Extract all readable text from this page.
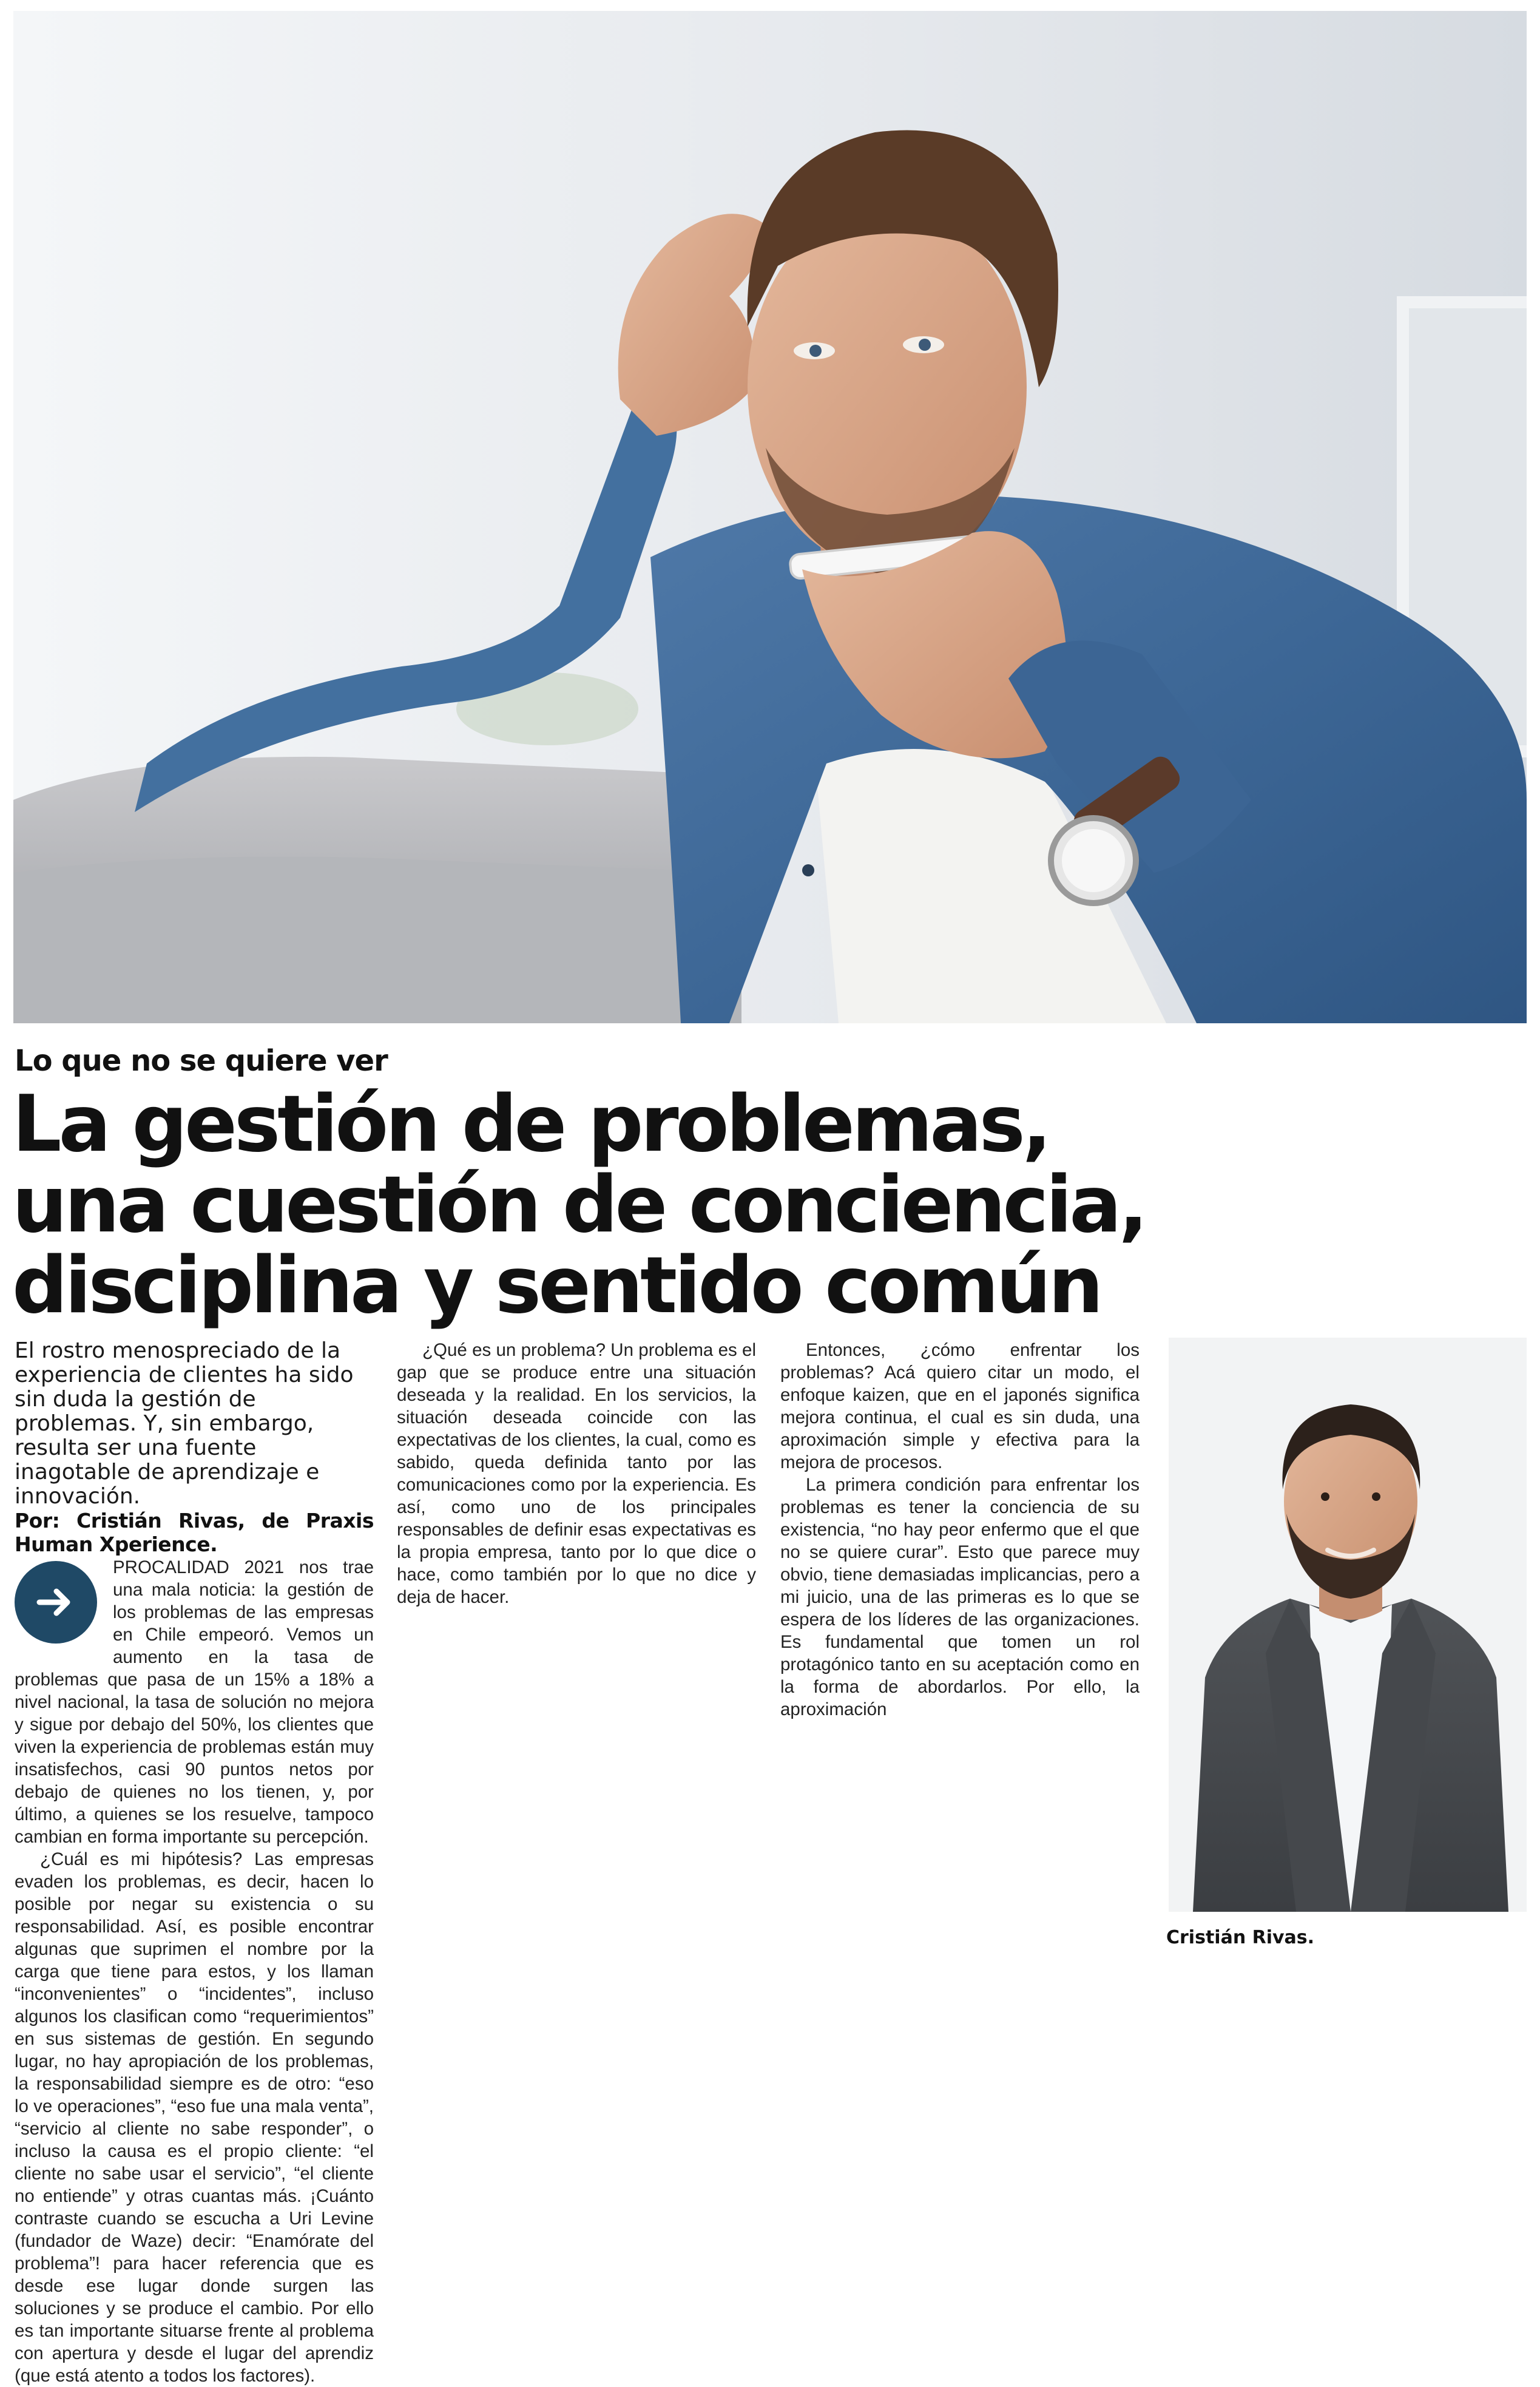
Lo que no se quiere ver

La gestión de problemas,
una cuestión de conciencia,
disciplina y sentido común

El rostro menospreciado de la experiencia de clientes ha sido sin duda la gestión de problemas. Y, sin embargo, resulta ser una fuente inagotable de aprendizaje e innovación.

Por: Cristián Rivas, de Praxis Human Xperience.

PROCALIDAD 2021 nos trae una mala noticia: la gestión de los problemas de las empresas en Chile empeoró. Vemos un aumento en la tasa de problemas que pasa de un 15% a 18% a nivel nacional, la tasa de solución no mejora y sigue por debajo del 50%, los clientes que viven la experiencia de problemas están muy insatisfechos, casi 90 puntos netos por debajo de quienes no los tienen, y, por último, a quienes se los resuelve, tampoco cambian en forma importante su percepción.

¿Cuál es mi hipótesis? Las empresas evaden los problemas, es decir, hacen lo posible por negar su existencia o su responsabilidad. Así, es posible encontrar algunas que suprimen el nombre por la carga que tiene para estos, y los llaman “inconvenientes” o “incidentes”, incluso algunos los clasifican como “requerimientos” en sus sistemas de gestión. En segundo lugar, no hay apropiación de los problemas, la responsabilidad siempre es de otro: “eso lo ve operaciones”, “eso fue una mala venta”, “servicio al cliente no sabe responder”, o incluso la causa es el propio cliente: “el cliente no sabe usar el servicio”, “el cliente no entiende” y otras cuantas más. ¡Cuánto contraste cuando se escucha a Uri Levine (fundador de Waze) decir: “Enamórate del problema”! para hacer referencia que es desde ese lugar donde surgen las soluciones y se produce el cambio. Por ello es tan importante situarse frente al problema con apertura y desde el lugar del aprendiz (que está atento a todos los factores).

¿Qué es un problema? Un problema es el gap que se produce entre una situación deseada y la realidad. En los servicios, la situación deseada coincide con las expectativas de los clientes, la cual, como es sabido, queda definida tanto por las comunicaciones como por la experiencia. Es así, como uno de los principales responsables de definir esas expectativas es la propia empresa, tanto por lo que dice o hace, como también por lo que no dice y deja de hacer.

Entonces, ¿cómo enfrentar los problemas? Acá quiero citar un modo, el enfoque kaizen, que en el japonés significa mejora continua, el cual es sin duda, una aproximación simple y efectiva para la mejora de procesos.

La primera condición para enfrentar los problemas es tener la conciencia de su existencia, “no hay peor enfermo que el que no se quiere curar”. Esto que parece muy obvio, tiene demasiadas implicancias, pero a mi juicio, una de las primeras es lo que se espera de los líderes de las organizaciones. Es fundamental que tomen un rol protagónico tanto en su aceptación como en la forma de abordarlos. Por ello, la aproximación

Cristián Rivas.
